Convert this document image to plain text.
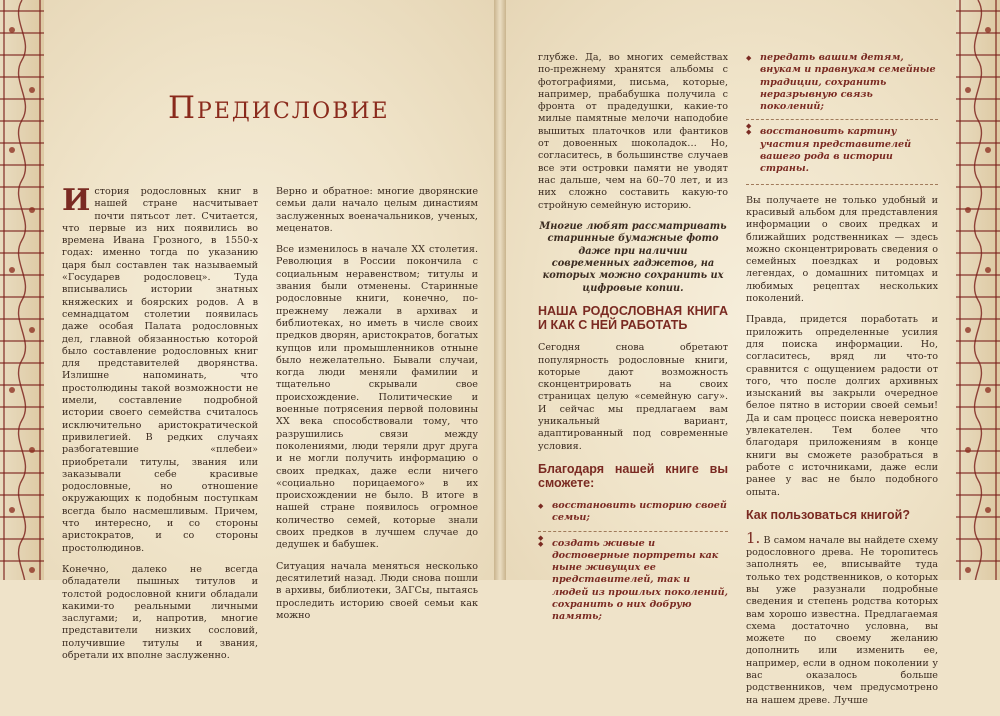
Предисловие

История родословных книг в нашей стране насчитывает почти пятьсот лет. Считается, что первые из них появились во времена Ивана Грозного, в 1550-х годах: именно тогда по указанию царя был составлен так называемый «Государев родословец». Туда вписывались истории знатных княжеских и боярских родов. А в семнадцатом столетии появилась даже особая Палата родословных дел, главной обязанностью которой было составление родословных книг для представителей дворянства. Излишне напоминать, что простолюдины такой возможности не имели, составление подробной истории своего семейства считалось исключительно аристократической привилегией. В редких случаях разбогатевшие «плебеи» приобретали титулы, звания или заказывали себе красивые родословные, но отношение окружающих к подобным поступкам всегда было насмешливым. Причем, что интересно, и со стороны аристократов, и со стороны простолюдинов.

Конечно, далеко не всегда обладатели пышных титулов и толстой родословной книги обладали какими-то реальными личными заслугами; и, напротив, многие представители низких сословий, получившие титулы и звания, обретали их вполне заслуженно.

Верно и обратное: многие дворянские семьи дали начало целым династиям заслуженных военачальников, ученых, меценатов.

Все изменилось в начале XX столетия. Революция в России покончила с социальным неравенством; титулы и звания были отменены. Старинные родословные книги, конечно, по-прежнему лежали в архивах и библиотеках, но иметь в числе своих предков дворян, аристократов, богатых купцов или промышленников отныне было нежелательно. Бывали случаи, когда люди меняли фамилии и тщательно скрывали свое происхождение. Политические и военные потрясения первой половины XX века способствовали тому, что разрушились связи между поколениями, люди теряли друг друга и не могли получить информацию о своих предках, даже если ничего «социально порицаемого» в их происхождении не было. В итоге в нашей стране появилось огромное количество семей, которые знали своих предков в лучшем случае до дедушек и бабушек.

Ситуация начала меняться несколько десятилетий назад. Люди снова пошли в архивы, библиотеки, ЗАГСы, пытаясь проследить историю своей семьи как можно

глубже. Да, во многих семействах по-прежнему хранятся альбомы с фотографиями, письма, которые, например, прабабушка получила с фронта от прадедушки, какие-то милые памятные мелочи наподобие вышитых платочков или фантиков от довоенных шоколадок… Но, согласитесь, в большинстве случаев все эти островки памяти не уводят нас дальше, чем на 60–70 лет, и из них сложно составить какую-то стройную семейную историю.

Многие любят рассматривать старинные бумажные фото даже при наличии современных гаджетов, на которых можно сохранить их цифровые копии.

НАША РОДОСЛОВНАЯ КНИГА И КАК С НЕЙ РАБОТАТЬ

Сегодня снова обретают популярность родословные книги, которые дают возможность сконцентрировать на своих страницах целую «семейную сагу». И сейчас мы предлагаем вам уникальный вариант, адаптированный под современные условия.

Благодаря нашей книге вы сможете:
◆ восстановить историю своей семьи;
◆
◆ создать живые и достоверные портреты как ныне живущих ее представителей, так и людей из прошлых поколений, сохранить о них добрую память;
◆ передать вашим детям, внукам и правнукам семейные традиции, сохранить неразрывную связь поколений;
◆
◆ восстановить картину участия представителей вашего рода в истории страны.

Вы получаете не только удобный и красивый альбом для представления информации о своих предках и ближайших родственниках — здесь можно сконцентрировать сведения о семейных поездках и родовых легендах, о домашних питомцах и любимых рецептах нескольких поколений.

Правда, придется поработать и приложить определенные усилия для поиска информации. Но, согласитесь, вряд ли что-то сравнится с ощущением радости от того, что после долгих архивных изысканий вы закрыли очередное белое пятно в истории своей семьи! Да и сам процесс поиска невероятно увлекателен. Тем более что благодаря приложениям в конце книги вы сможете разобраться в работе с источниками, даже если ранее у вас не было подобного опыта.

Как пользоваться книгой?

1. В самом начале вы найдете схему родословного древа. Не торопитесь заполнять ее, вписывайте туда только тех родственников, о которых вы уже разузнали подробные сведения и степень родства которых вам хорошо известна. Предлагаемая схема достаточно условна, вы можете по своему желанию дополнить или изменить ее, например, если в одном поколении у вас оказалось больше родственников, чем предусмотрено на нашем древе. Лучше
